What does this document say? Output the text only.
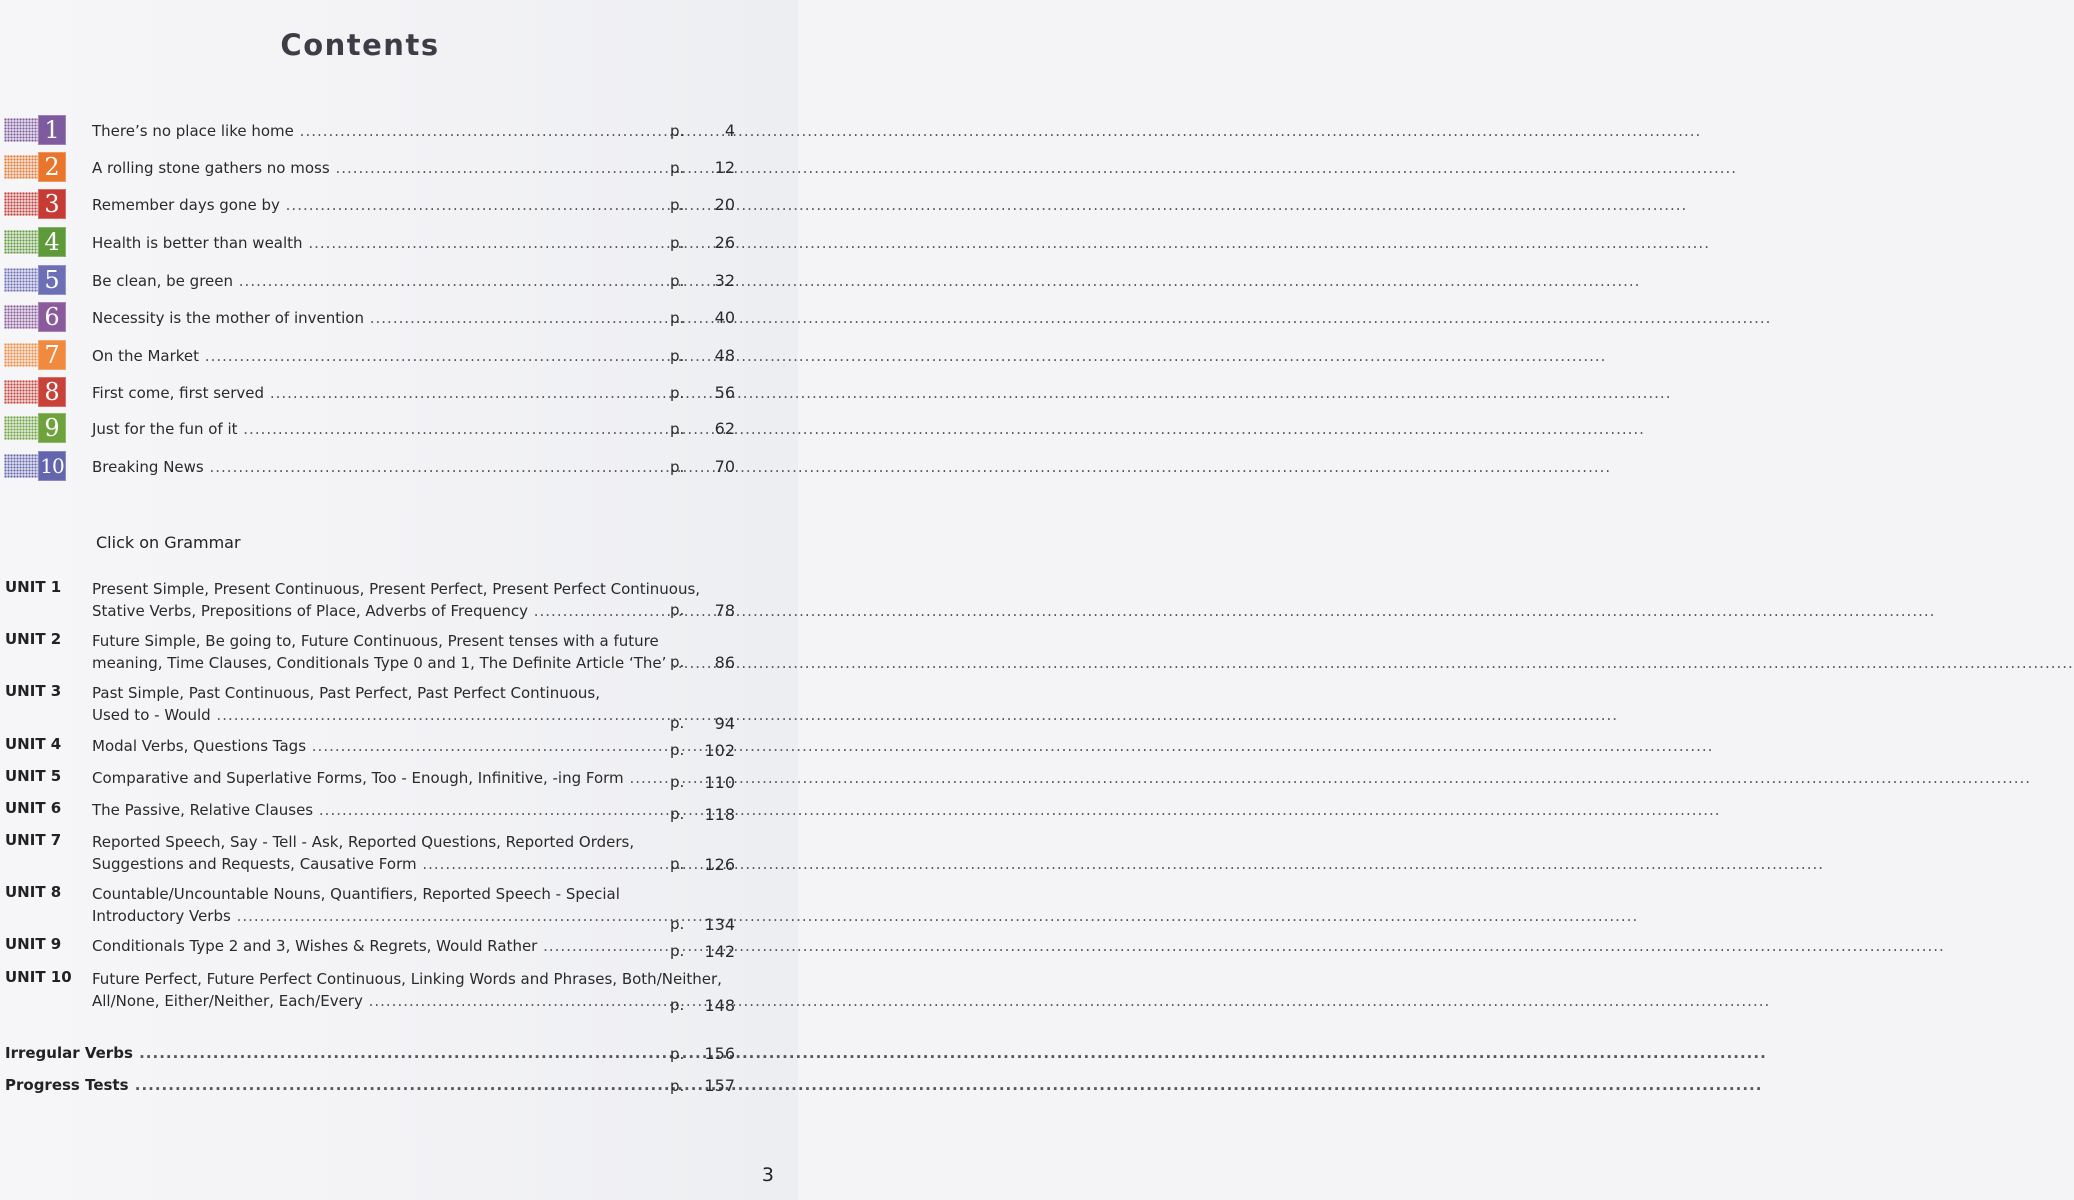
Contents
1	There’s no place like home .....	p.	4
2	A rolling stone gathers no moss .....	p.	12
3	Remember days gone by .....	p.	20
4	Health is better than wealth .....	p.	26
5	Be clean, be green .....	p.	32
6	Necessity is the mother of invention .....	p.	40
7	On the Market .....	p.	48
8	First come, first served .....	p.	56
9	Just for the fun of it .....	p.	62
10 Breaking News .....	p.	70
Click on Grammar
UNIT 1 Present Simple, Present Continuous, Present Perfect, Present Perfect Continuous,
Stative Verbs, Prepositions of Place, Adverbs of Frequency .....	p.	78
UNIT 2 Future Simple, Be going to, Future Continuous, Present tenses with a future
meaning, Time Clauses, Conditionals Type 0 and 1, The Definite Article ‘The’ ..... p.	86
UNIT 3 Past Simple, Past Continuous, Past Perfect, Past Perfect Continuous,
Used to - Would .....	p.	94
UNIT 4 Modal Verbs, Questions Tags .....	p.	102
UNIT 5 Comparative and Superlative Forms, Too - Enough, Infinitive, -ing Form .....	p.	110
UNIT 6 The Passive, Relative Clauses .....	p.	118
UNIT 7 Reported Speech, Say - Tell - Ask, Reported Questions, Reported Orders,
Suggestions and Requests, Causative Form .....	p.	126
UNIT 8 Countable/Uncountable Nouns, Quantifiers, Reported Speech - Special
Introductory Verbs .....	p.	134
UNIT 9 Conditionals Type 2 and 3, Wishes & Regrets, Would Rather .....	p.	142
UNIT 10 Future Perfect, Future Perfect Continuous, Linking Words and Phrases, Both/Neither,
All/None, Either/Neither, Each/Every .....	p.	148
Irregular Verbs .....	p.	156
Progress Tests .....	p.	157
3
